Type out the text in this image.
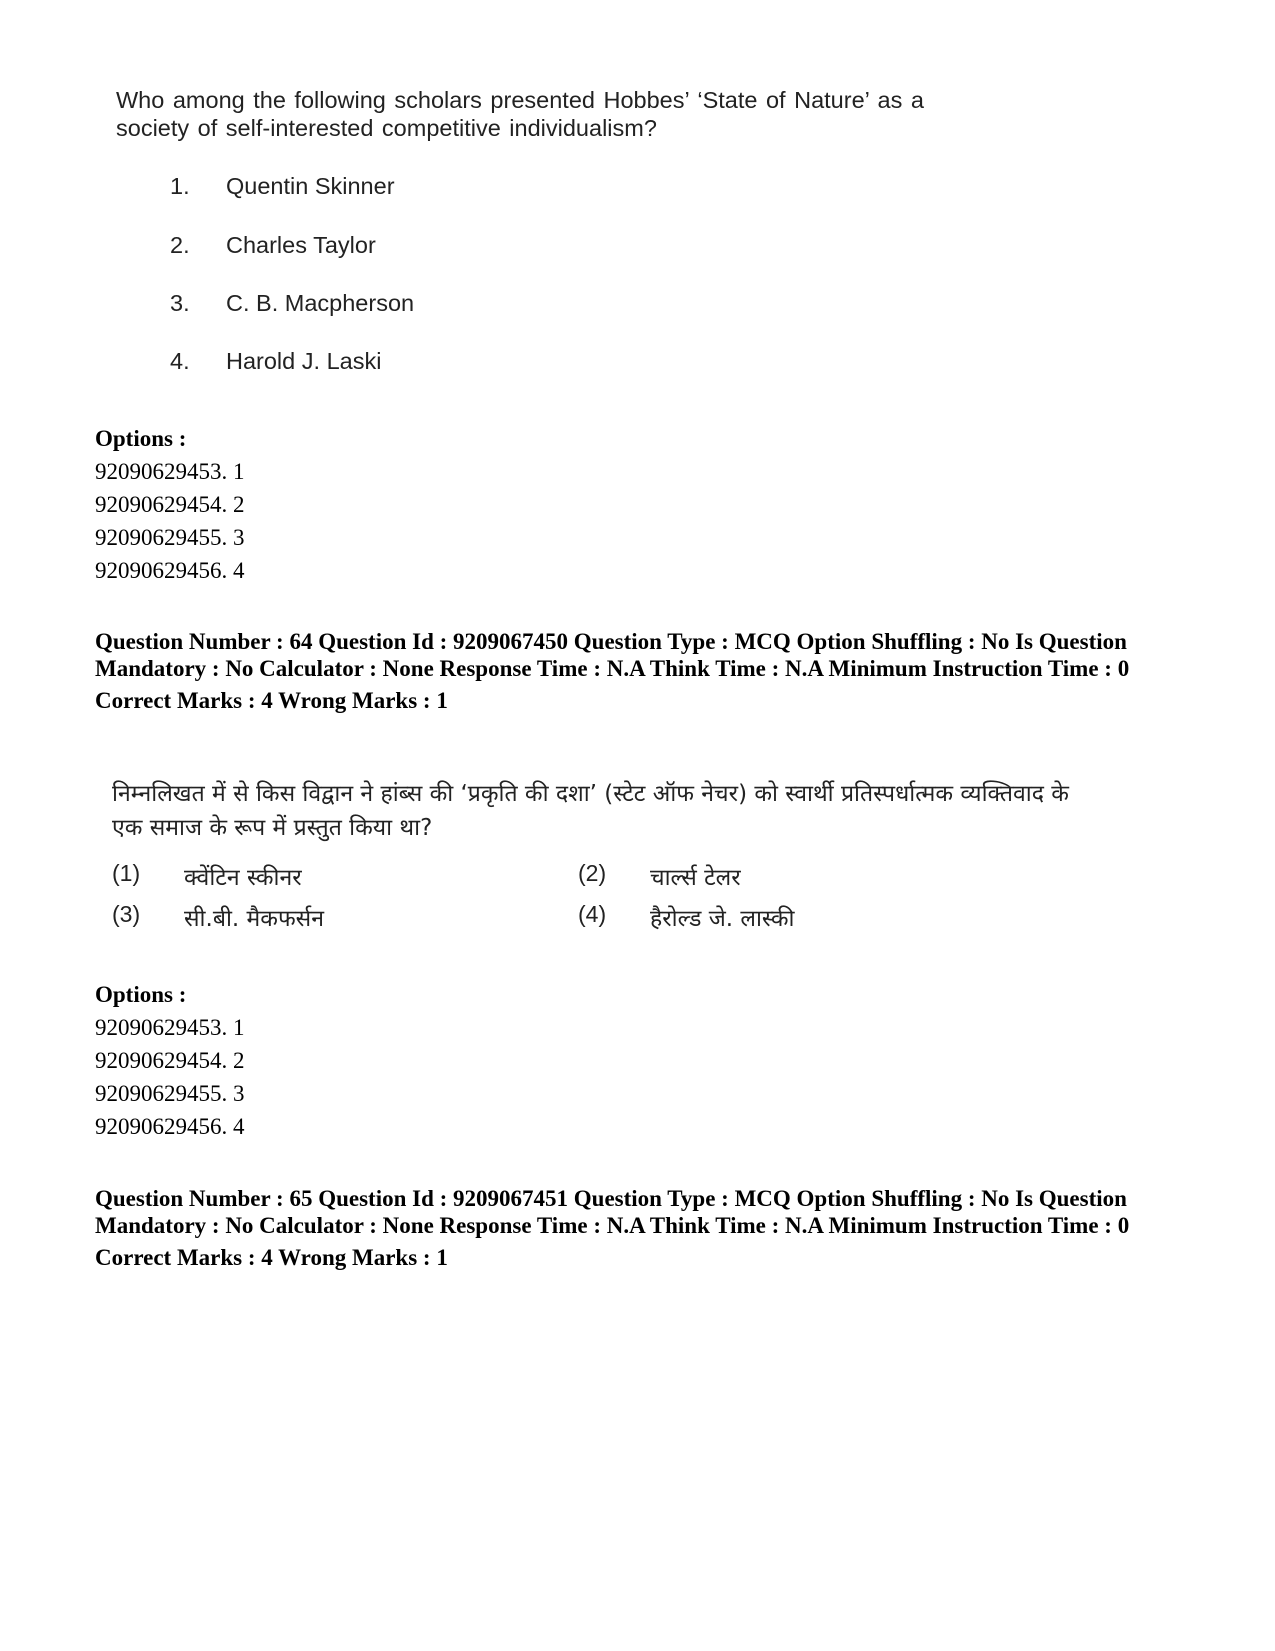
Who among the following scholars presented Hobbes’ ‘State of Nature’ as a society of self-interested competitive individualism?

1. Quentin Skinner
2. Charles Taylor
3. C. B. Macpherson
4. Harold J. Laski
Options :
92090629453. 1
92090629454. 2
92090629455. 3
92090629456. 4
Question Number : 64 Question Id : 9209067450 Question Type : MCQ Option Shuffling : No Is Question Mandatory : No Calculator : None Response Time : N.A Think Time : N.A Minimum Instruction Time : 0
Correct Marks : 4 Wrong Marks : 1

निम्नलिखत में से किस विद्वान ने हांब्स की ‘प्रकृति की दशा’ (स्टेट ऑफ नेचर) को स्वार्थी प्रतिस्पर्धात्मक व्यक्तिवाद के एक समाज के रूप में प्रस्तुत किया था?

(1) क्वेंटिन स्कीनर	(2) चार्ल्स टेलर
(3) सी.बी. मैकफर्सन	(4) हैरोल्ड जे. लास्की
Options :
92090629453. 1
92090629454. 2
92090629455. 3
92090629456. 4
Question Number : 65 Question Id : 9209067451 Question Type : MCQ Option Shuffling : No Is Question Mandatory : No Calculator : None Response Time : N.A Think Time : N.A Minimum Instruction Time : 0
Correct Marks : 4 Wrong Marks : 1
